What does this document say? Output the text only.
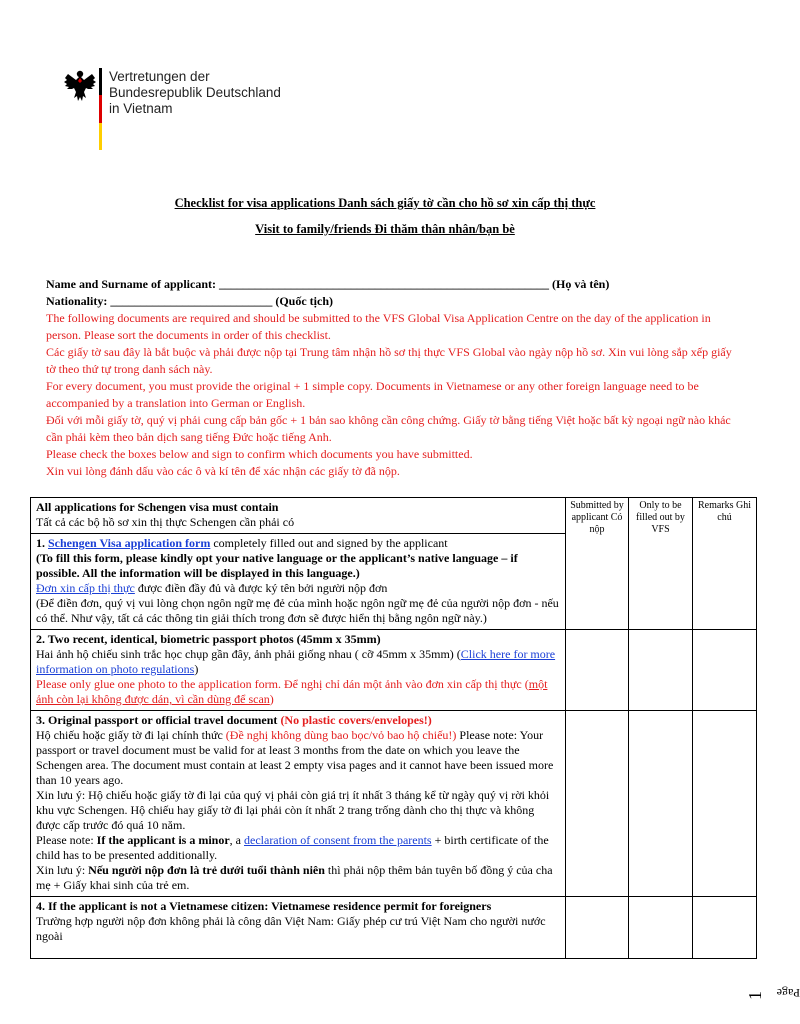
Vertretungen der
Bundesrepublik Deutschland
in Vietnam
Checklist for visa applications Danh sách giấy tờ cần cho hồ sơ xin cấp thị thực
Visit to family/friends Đi thăm thân nhân/bạn bè
Name and Surname of applicant: _______________________________________________________ (Họ và tên)
Nationality: ___________________________ (Quốc tịch)
The following documents are required and should be submitted to the VFS Global Visa Application Centre on the day of the application in person. Please sort the documents in order of this checklist.
Các giấy tờ sau đây là bắt buộc và phải được nộp tại Trung tâm nhận hồ sơ thị thực VFS Global vào ngày nộp hồ sơ. Xin vui lòng sắp xếp giấy tờ theo thứ tự trong danh sách này.
For every document, you must provide the original + 1 simple copy. Documents in Vietnamese or any other foreign language need to be accompanied by a translation into German or English.
Đối với mỗi giấy tờ, quý vị phải cung cấp bản gốc + 1 bản sao không cần công chứng. Giấy tờ bằng tiếng Việt hoặc bất kỳ ngoại ngữ nào khác cần phải kèm theo bản dịch sang tiếng Đức hoặc tiếng Anh.
Please check the boxes below and sign to confirm which documents you have submitted.
Xin vui lòng đánh dấu vào các ô và kí tên để xác nhận các giấy tờ đã nộp.
All applications for Schengen visa must contain
Tất cả các bộ hồ sơ xin thị thực Schengen cần phải có	Submitted by applicant Có nộp	Only to be filled out by VFS	Remarks Ghi chú
1. Schengen Visa application form completely filled out and signed by the applicant
(To fill this form, please kindly opt your native language or the applicant’s native language – if possible. All the information will be displayed in this language.)
Đơn xin cấp thị thực được điền đầy đủ và được ký tên bởi người nộp đơn
(Để điền đơn, quý vị vui lòng chọn ngôn ngữ mẹ đẻ của mình hoặc ngôn ngữ mẹ đẻ của người nộp đơn - nếu có thể. Như vậy, tất cả các thông tin giải thích trong đơn sẽ được hiển thị bằng ngôn ngữ này.)			

2. Two recent, identical, biometric passport photos (45mm x 35mm)
Hai ảnh hộ chiếu sinh trắc học chụp gần đây, ảnh phải giống nhau ( cỡ 45mm x 35mm) (Click here for more information on photo regulations)
Please only glue one photo to the application form. Để nghị chỉ dán một ảnh vào đơn xin cấp thị thực (một ảnh còn lại không được dán, vì cần dùng để scan)			

3. Original passport or official travel document (No plastic covers/envelopes!)
Hộ chiếu hoặc giấy tờ đi lại chính thức (Đề nghị không dùng bao bọc/vỏ bao hộ chiếu!) Please note: Your passport or travel document must be valid for at least 3 months from the date on which you leave the Schengen area. The document must contain at least 2 empty visa pages and it cannot have been issued more than 10 years ago.
Xin lưu ý: Hộ chiếu hoặc giấy tờ đi lại của quý vị phải còn giá trị ít nhất 3 tháng kể từ ngày quý vị rời khỏi khu vực Schengen. Hộ chiếu hay giấy tờ đi lại phải còn ít nhất 2 trang trống dành cho thị thực và không được cấp trước đó quá 10 năm.
Please note: If the applicant is a minor, a declaration of consent from the parents + birth certificate of the child has to be presented additionally.
Xin lưu ý: Nếu người nộp đơn là trẻ dưới tuổi thành niên thì phải nộp thêm bản tuyên bố đồng ý của cha mẹ + Giấy khai sinh của trẻ em.			

4. If the applicant is not a Vietnamese citizen: Vietnamese residence permit for foreigners
Trường hợp người nộp đơn không phải là công dân Việt Nam: Giấy phép cư trú Việt Nam cho người nước ngoài			

Page
1
